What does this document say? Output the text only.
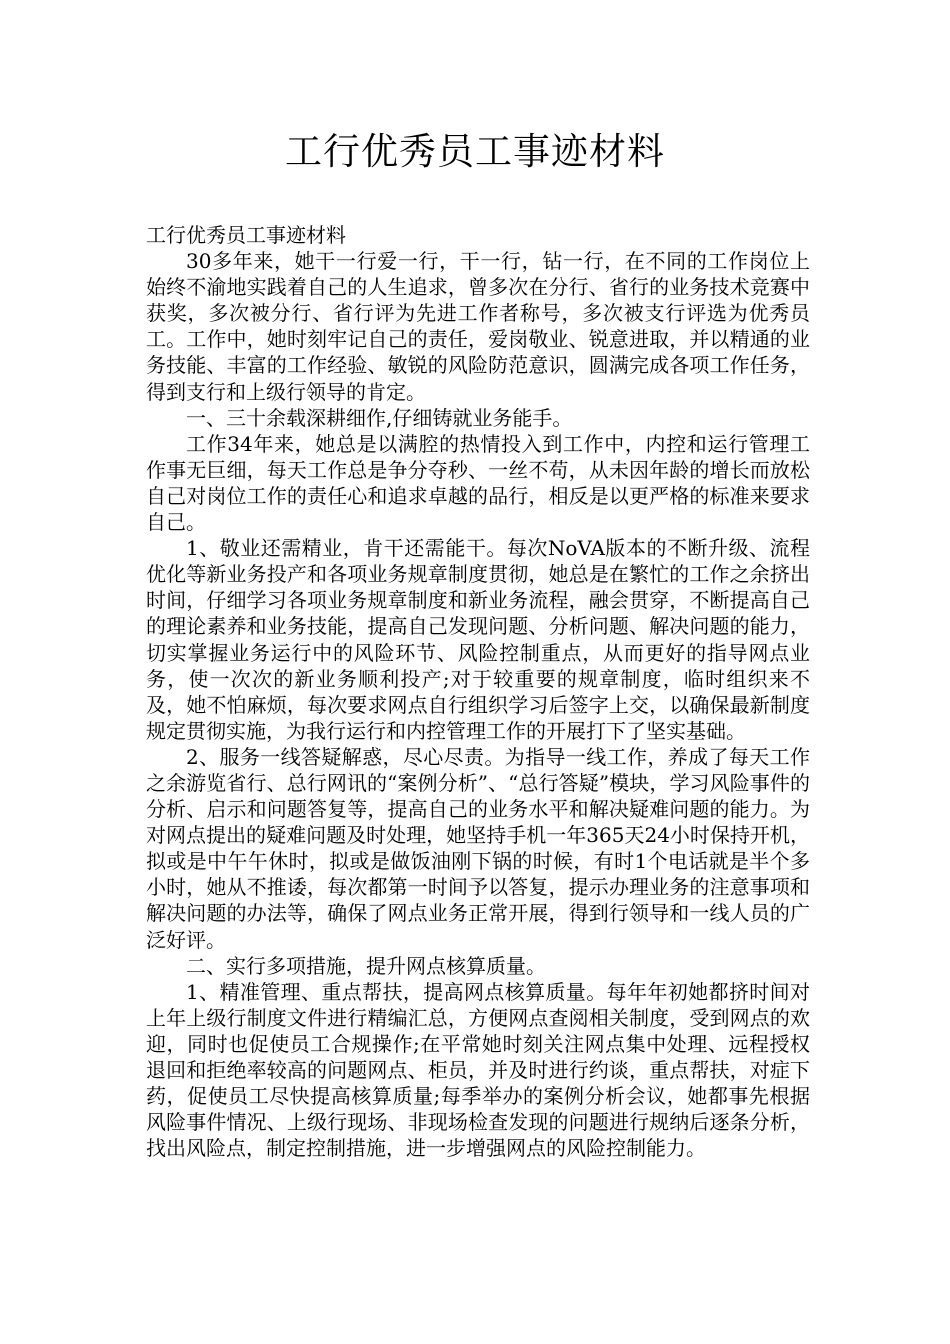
工行优秀员工事迹材料

工行优秀员工事迹材料

30多年来，她干一行爱一行，干一行，钻一行，在不同的工作岗位上始终不渝地实践着自己的人生追求，曾多次在分行、省行的业务技术竞赛中获奖，多次被分行、省行评为先进工作者称号，多次被支行评选为优秀员工。工作中，她时刻牢记自己的责任，爱岗敬业、锐意进取，并以精通的业务技能、丰富的工作经验、敏锐的风险防范意识，圆满完成各项工作任务，得到支行和上级行领导的肯定。

一、三十余载深耕细作,仔细铸就业务能手。

工作34年来，她总是以满腔的热情投入到工作中，内控和运行管理工作事无巨细，每天工作总是争分夺秒、一丝不苟，从未因年龄的增长而放松自己对岗位工作的责任心和追求卓越的品行，相反是以更严格的标准来要求自己。

1、敬业还需精业，肯干还需能干。每次NoVA版本的不断升级、流程优化等新业务投产和各项业务规章制度贯彻，她总是在繁忙的工作之余挤出时间，仔细学习各项业务规章制度和新业务流程，融会贯穿，不断提高自己的理论素养和业务技能，提高自己发现问题、分析问题、解决问题的能力，切实掌握业务运行中的风险环节、风险控制重点，从而更好的指导网点业务，使一次次的新业务顺利投产;对于较重要的规章制度，临时组织来不及，她不怕麻烦，每次要求网点自行组织学习后签字上交，以确保最新制度规定贯彻实施，为我行运行和内控管理工作的开展打下了坚实基础。

2、服务一线答疑解惑，尽心尽责。为指导一线工作，养成了每天工作之余游览省行、总行网讯的“案例分析”、“总行答疑”模块，学习风险事件的分析、启示和问题答复等，提高自己的业务水平和解决疑难问题的能力。为对网点提出的疑难问题及时处理，她坚持手机一年365天24小时保持开机，拟或是中午午休时，拟或是做饭油刚下锅的时候，有时1个电话就是半个多小时，她从不推诿，每次都第一时间予以答复，提示办理业务的注意事项和解决问题的办法等，确保了网点业务正常开展，得到行领导和一线人员的广泛好评。

二、实行多项措施，提升网点核算质量。

1、精准管理、重点帮扶，提高网点核算质量。每年年初她都挤时间对上年上级行制度文件进行精编汇总，方便网点查阅相关制度，受到网点的欢迎，同时也促使员工合规操作;在平常她时刻关注网点集中处理、远程授权退回和拒绝率较高的问题网点、柜员，并及时进行约谈，重点帮扶，对症下药，促使员工尽快提高核算质量;每季举办的案例分析会议，她都事先根据风险事件情况、上级行现场、非现场检查发现的问题进行规纳后逐条分析，找出风险点，制定控制措施，进一步增强网点的风险控制能力。
